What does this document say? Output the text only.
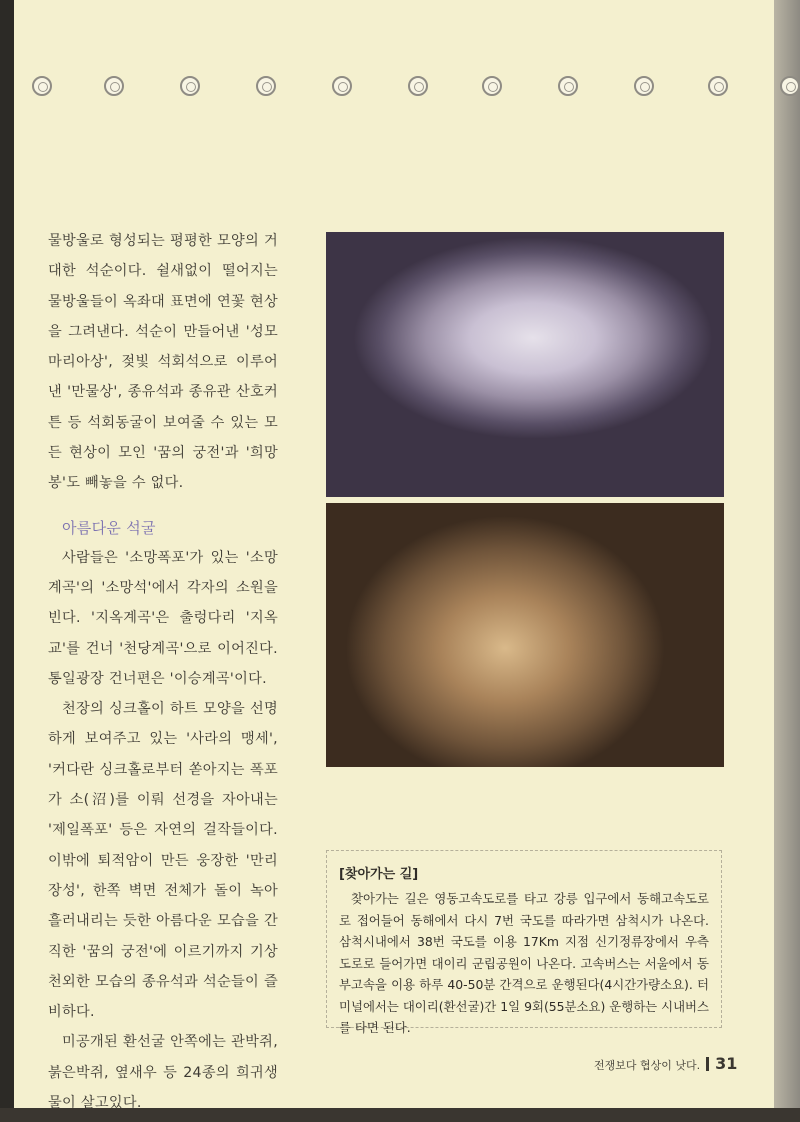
물방울로 형성되는 평평한 모양의 거대한 석순이다. 쉴새없이 떨어지는 물방울들이 옥좌대 표면에 연꽃 현상을 그려낸다. 석순이 만들어낸 '성모 마리아상', 젖빛 석회석으로 이루어낸 '만물상', 종유석과 종유관 산호커튼 등 석회동굴이 보여줄 수 있는 모든 현상이 모인 '꿈의 궁전'과 '희망봉'도 빼놓을 수 없다.

아름다운 석굴

사람들은 '소망폭포'가 있는 '소망계곡'의 '소망석'에서 각자의 소원을 빈다. '지옥계곡'은 출렁다리 '지옥교'를 건너 '천당계곡'으로 이어진다. 통일광장 건너편은 '이승계곡'이다.

천장의 싱크홀이 하트 모양을 선명하게 보여주고 있는 '사라의 맹세', '커다란 싱크홀로부터 쏟아지는 폭포가 소(沼)를 이뤄 선경을 자아내는 '제일폭포' 등은 자연의 걸작들이다. 이밖에 퇴적암이 만든 웅장한 '만리장성', 한쪽 벽면 전체가 돌이 녹아 흘러내리는 듯한 아름다운 모습을 간직한 '꿈의 궁전'에 이르기까지 기상천외한 모습의 종유석과 석순들이 즐비하다.

미공개된 환선굴 안쪽에는 관박쥐, 붉은박쥐, 옆새우 등 24종의 희귀생물이 살고있다.

[찾아가는 길]
찾아가는 길은 영동고속도로를 타고 강릉 입구에서 동해고속도로로 접어들어 동해에서 다시 7번 국도를 따라가면 삼척시가 나온다. 삼척시내에서 38번 국도를 이용 17Km 지점 신기정류장에서 우측 도로로 들어가면 대이리 군립공원이 나온다. 고속버스는 서울에서 동부고속을 이용 하루 40-50분 간격으로 운행된다(4시간가량소요). 터미널에서는 대이리(환선굴)간 1일 9회(55분소요) 운행하는 시내버스를 타면 된다.
전쟁보다 협상이 낫다. 31
